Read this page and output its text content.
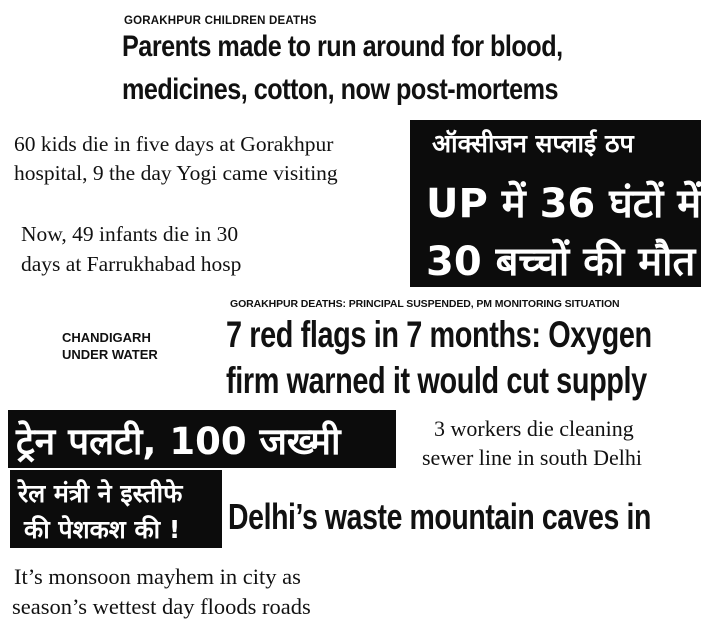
GORAKHPUR CHILDREN DEATHS
Parents made to run around for blood,
medicines, cotton, now post-mortems
60 kids die in five days at Gorakhpur
hospital, 9 the day Yogi came visiting
Now, 49 infants die in 30
days at Farrukhabad hosp
ऑक्सीजन सप्लाई ठप
UP में 36 घंटों में
30 बच्चों की मौत
CHANDIGARH
UNDER WATER
GORAKHPUR DEATHS: PRINCIPAL SUSPENDED, PM MONITORING SITUATION
7 red flags in 7 months: Oxygen
firm warned it would cut supply
ट्रेन पलटी, 100 जख्मी
रेल मंत्री ने इस्तीफे
की पेशकश की !
3 workers die cleaning
sewer line in south Delhi
Delhi’s waste mountain caves in
It’s monsoon mayhem in city as
season’s wettest day floods roads
